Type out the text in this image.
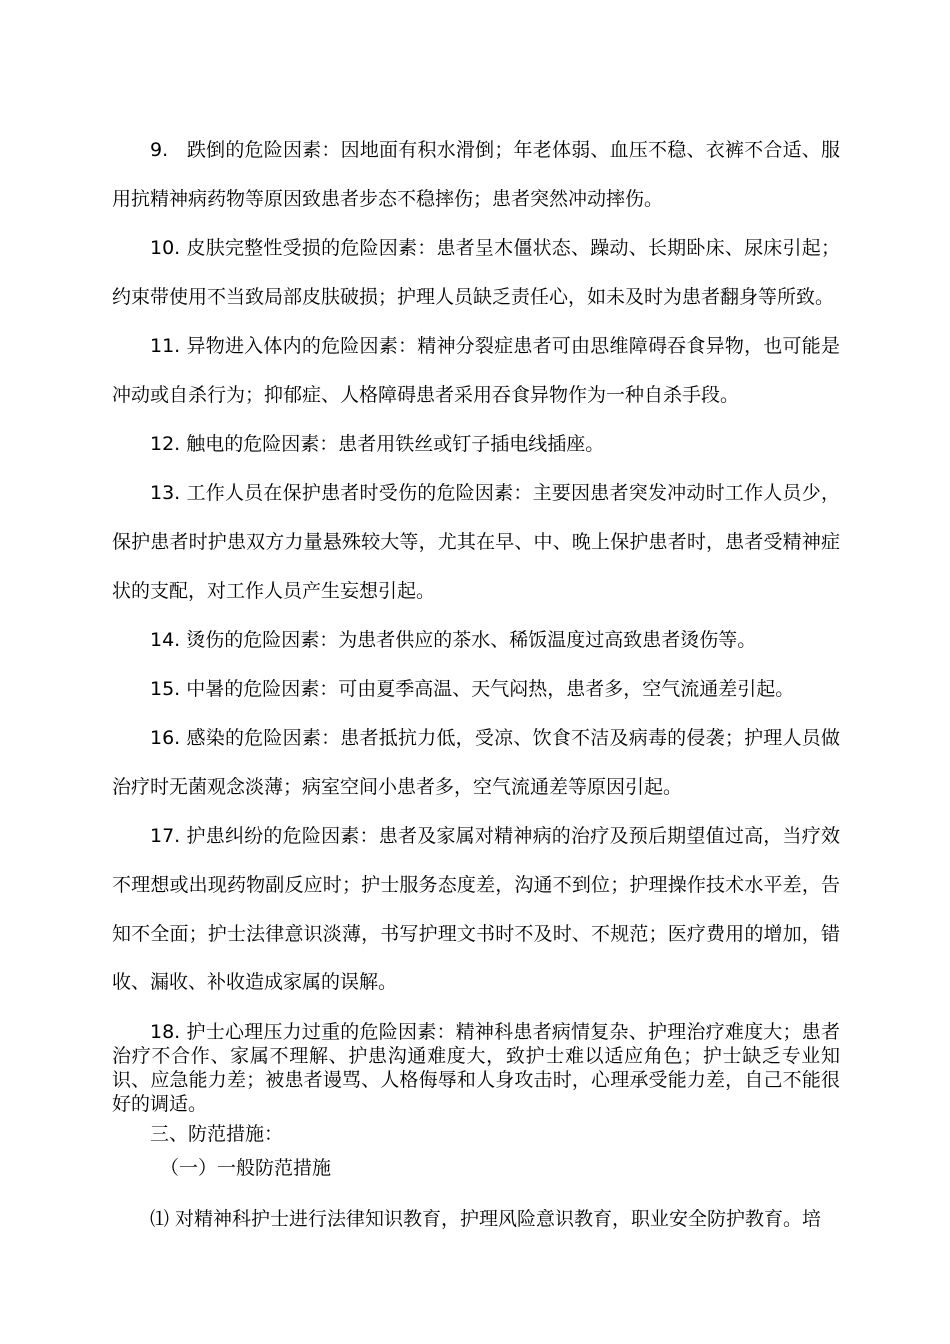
9.   跌倒的危险因素：因地面有积水滑倒；年老体弱、血压不稳、衣裤不合适、服用抗精神病药物等原因致患者步态不稳摔伤；患者突然冲动摔伤。

10. 皮肤完整性受损的危险因素：患者呈木僵状态、躁动、长期卧床、尿床引起；约束带使用不当致局部皮肤破损；护理人员缺乏责任心，如未及时为患者翻身等所致。

11. 异物进入体内的危险因素：精神分裂症患者可由思维障碍吞食异物，也可能是冲动或自杀行为；抑郁症、人格障碍患者采用吞食异物作为一种自杀手段。

12. 触电的危险因素：患者用铁丝或钉子插电线插座。

13. 工作人员在保护患者时受伤的危险因素：主要因患者突发冲动时工作人员少，保护患者时护患双方力量悬殊较大等，尤其在早、中、晚上保护患者时，患者受精神症状的支配，对工作人员产生妄想引起。

14. 烫伤的危险因素：为患者供应的茶水、稀饭温度过高致患者烫伤等。

15. 中暑的危险因素：可由夏季高温、天气闷热，患者多，空气流通差引起。

16. 感染的危险因素：患者抵抗力低，受凉、饮食不洁及病毒的侵袭；护理人员做治疗时无菌观念淡薄；病室空间小患者多，空气流通差等原因引起。

17. 护患纠纷的危险因素：患者及家属对精神病的治疗及预后期望值过高，当疗效不理想或出现药物副反应时；护士服务态度差，沟通不到位；护理操作技术水平差，告知不全面；护士法律意识淡薄，书写护理文书时不及时、不规范；医疗费用的增加，错收、漏收、补收造成家属的误解。

18. 护士心理压力过重的危险因素：精神科患者病情复杂、护理治疗难度大；患者治疗不合作、家属不理解、护患沟通难度大，致护士难以适应角色；护士缺乏专业知识、应急能力差；被患者谩骂、人格侮辱和人身攻击时，心理承受能力差，自己不能很好的调适。

三、防范措施：

（一）一般防范措施

⑴ 对精神科护士进行法律知识教育，护理风险意识教育，职业安全防护教育。培
